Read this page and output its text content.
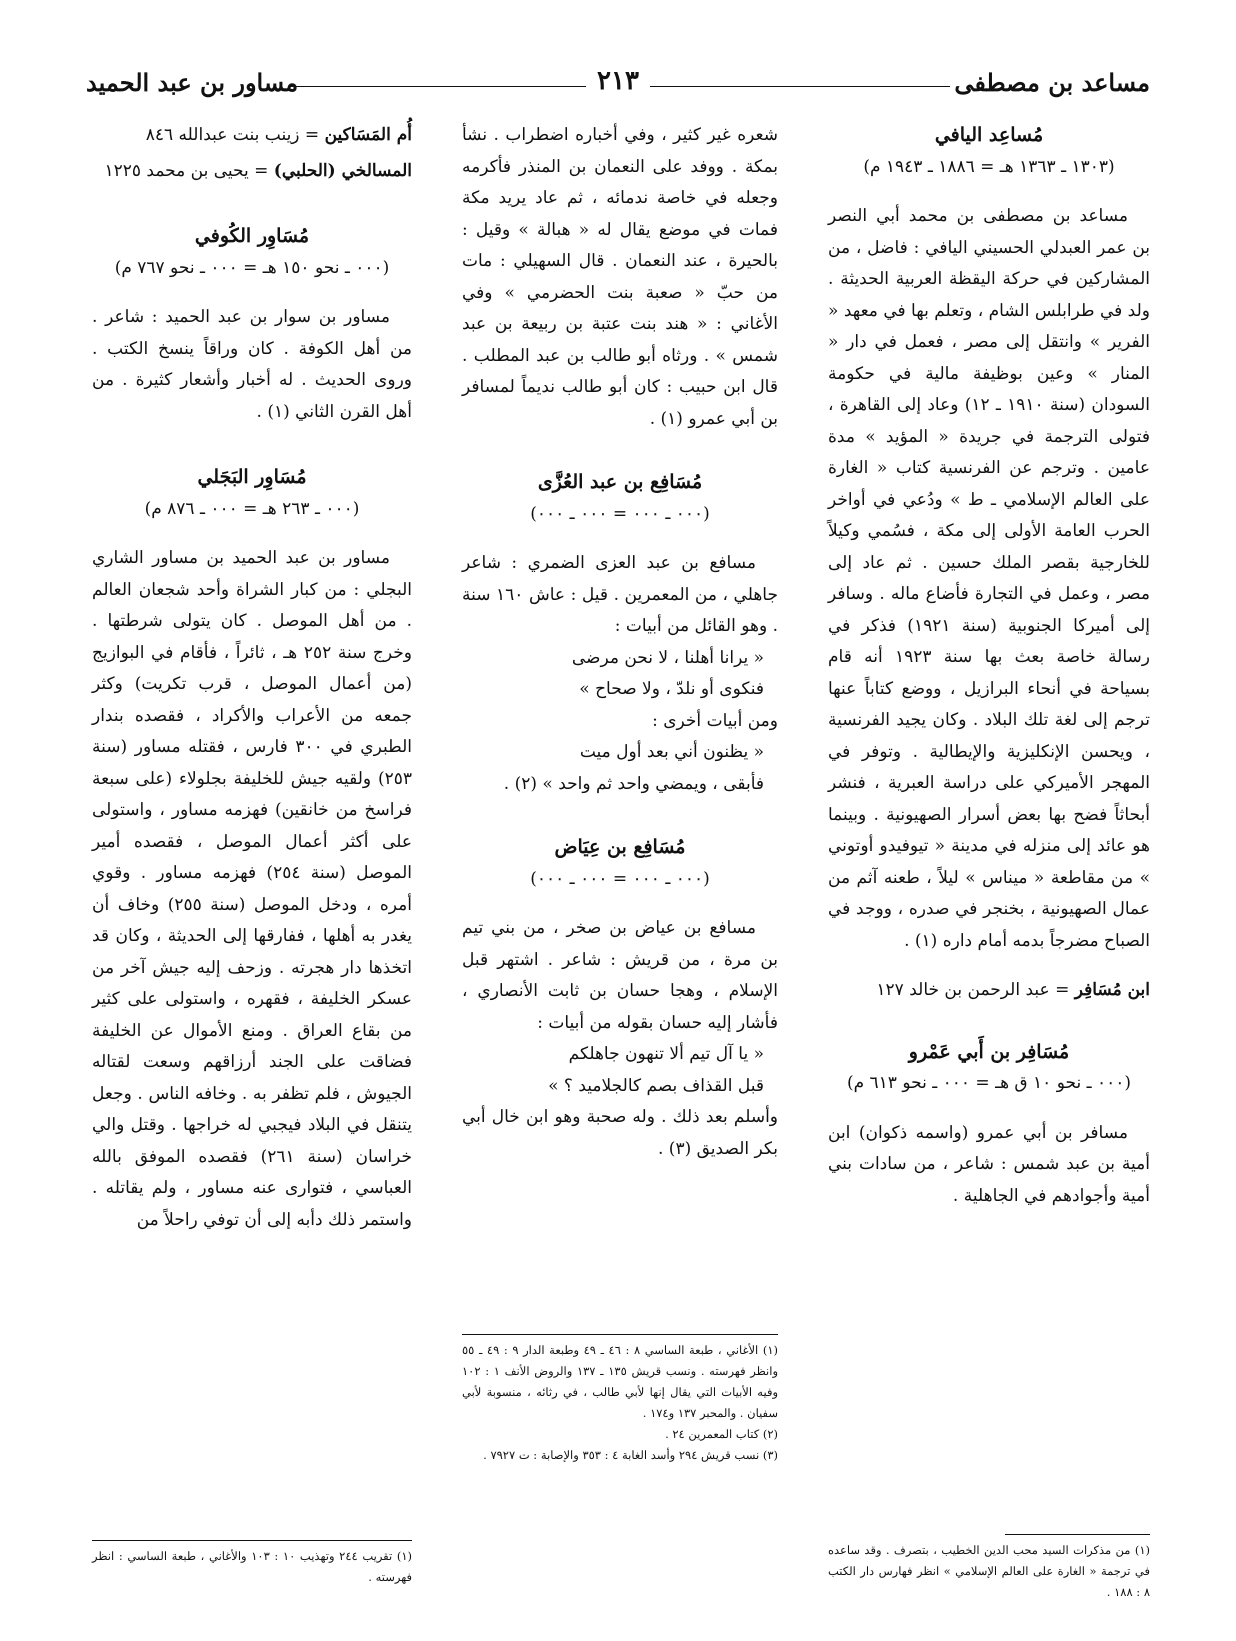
مساعد بن مصطفى
٢١٣
مساور بن عبد الحميد

مُساعِد اليافي

(١٣٠٣ ـ ١٣٦٣ هـ = ١٨٨٦ ـ ١٩٤٣ م)

مساعد بن مصطفى بن محمد أبي النصر بن عمر العبدلي الحسيني اليافي : فاضل ، من المشاركين في حركة اليقظة العربية الحديثة . ولد في طرابلس الشام ، وتعلم بها في معهد « الفرير » وانتقل إلى مصر ، فعمل في دار « المنار » وعين بوظيفة مالية في حكومة السودان (سنة ١٩١٠ ـ ١٢) وعاد إلى القاهرة ، فتولى الترجمة في جريدة « المؤيد » مدة عامين . وترجم عن الفرنسية كتاب « الغارة على العالم الإسلامي ـ ط » ودُعي في أواخر الحرب العامة الأولى إلى مكة ، فسُمي وكيلاً للخارجية بقصر الملك حسين . ثم عاد إلى مصر ، وعمل في التجارة فأضاع ماله . وسافر إلى أميركا الجنوبية (سنة ١٩٢١) فذكر في رسالة خاصة بعث بها سنة ١٩٢٣ أنه قام بسياحة في أنحاء البرازيل ، ووضع كتاباً عنها ترجم إلى لغة تلك البلاد . وكان يجيد الفرنسية ، ويحسن الإنكليزية والإيطالية . وتوفر في المهجر الأميركي على دراسة العبرية ، فنشر أبحاثاً فضح بها بعض أسرار الصهيونية . وبينما هو عائد إلى منزله في مدينة « تيوفيدو أوتوني » من مقاطعة « ميناس » ليلاً ، طعنه آثم من عمال الصهيونية ، بخنجر في صدره ، ووجد في الصباح مضرجاً بدمه أمام داره (١) .

ابن مُسَافِر = عبد الرحمن بن خالد ١٢٧

مُسَافِر بن أَبي عَمْرو

(٠٠٠ ـ نحو ١٠ ق هـ = ٠٠٠ ـ نحو ٦١٣ م)

مسافر بن أبي عمرو (واسمه ذكوان) ابن أمية بن عبد شمس : شاعر ، من سادات بني أمية وأجوادهم في الجاهلية .

(١) من مذكرات السيد محب الدين الخطيب ، بتصرف . وقد ساعده في ترجمة « الغارة على العالم الإسلامي » انظر فهارس دار الكتب ٨ : ١٨٨ .

شعره غير كثير ، وفي أخباره اضطراب . نشأ بمكة . ووفد على النعمان بن المنذر فأكرمه وجعله في خاصة ندمائه ، ثم عاد يريد مكة فمات في موضع يقال له « هبالة » وقيل : بالحيرة ، عند النعمان . قال السهيلي : مات من حبّ « صعبة بنت الحضرمي » وفي الأغاني : « هند بنت عتبة بن ربيعة بن عبد شمس » . ورثاه أبو طالب بن عبد المطلب . قال ابن حبيب : كان أبو طالب نديماً لمسافر بن أبي عمرو (١) .

مُسَافِع بن عبد العُزَّى

(٠٠٠ ـ ٠٠٠ = ٠٠٠ ـ ٠٠٠)

مسافع بن عبد العزى الضمري : شاعر جاهلي ، من المعمرين . قيل : عاش ١٦٠ سنة . وهو القائل من أبيات :

« يرانا أهلنا ، لا نحن مرضى

فنكوى أو نلدّ ، ولا صحاح »

ومن أبيات أخرى :

« يظنون أني بعد أول ميت

فأبقى ، ويمضي واحد ثم واحد » (٢) .

مُسَافِع بن عِيَاض

(٠٠٠ ـ ٠٠٠ = ٠٠٠ ـ ٠٠٠)

مسافع بن عياض بن صخر ، من بني تيم بن مرة ، من قريش : شاعر . اشتهر قبل الإسلام ، وهجا حسان بن ثابت الأنصاري ، فأشار إليه حسان بقوله من أبيات :

« يا آل تيم ألا تنهون جاهلكم

قبل القذاف بصم كالجلاميد ؟ »

وأسلم بعد ذلك . وله صحبة وهو ابن خال أبي بكر الصديق (٣) .

(١) الأغاني ، طبعة الساسي ٨ : ٤٦ ـ ٤٩ وطبعة الدار ٩ : ٤٩ ـ ٥٥ وانظر فهرسته . ونسب قريش ١٣٥ ـ ١٣٧ والروض الأنف ١ : ١٠٢ وفيه الأبيات التي يقال إنها لأبي طالب ، في رثائه ، منسوبة لأبي سفيان . والمحبر ١٣٧ و١٧٤ .
(٢) كتاب المعمرين ٢٤ .
(٣) نسب قريش ٢٩٤ وأسد الغابة ٤ : ٣٥٣ والإصابة : ت ٧٩٢٧ .

أُم المَسَاكين = زينب بنت عبدالله ٨٤٦

المسالخي (الحلبي) = يحيى بن محمد ١٢٢٥

مُسَاوِر الكُوفي

(٠٠٠ ـ نحو ١٥٠ هـ = ٠٠٠ ـ نحو ٧٦٧ م)

مساور بن سوار بن عبد الحميد : شاعر . من أهل الكوفة . كان وراقاً ينسخ الكتب . وروى الحديث . له أخبار وأشعار كثيرة . من أهل القرن الثاني (١) .

مُسَاوِر البَجَلي

(٠٠٠ ـ ٢٦٣ هـ = ٠٠٠ ـ ٨٧٦ م)

مساور بن عبد الحميد بن مساور الشاري البجلي : من كبار الشراة وأحد شجعان العالم . من أهل الموصل . كان يتولى شرطتها . وخرج سنة ٢٥٢ هـ ، ثائراً ، فأقام في البوازيج (من أعمال الموصل ، قرب تكريت) وكثر جمعه من الأعراب والأكراد ، فقصده بندار الطبري في ٣٠٠ فارس ، فقتله مساور (سنة ٢٥٣) ولقيه جيش للخليفة بجلولاء (على سبعة فراسخ من خانقين) فهزمه مساور ، واستولى على أكثر أعمال الموصل ، فقصده أمير الموصل (سنة ٢٥٤) فهزمه مساور . وقوي أمره ، ودخل الموصل (سنة ٢٥٥) وخاف أن يغدر به أهلها ، ففارقها إلى الحديثة ، وكان قد اتخذها دار هجرته . وزحف إليه جيش آخر من عسكر الخليفة ، فقهره ، واستولى على كثير من بقاع العراق . ومنع الأموال عن الخليفة فضاقت على الجند أرزاقهم وسعت لقتاله الجيوش ، فلم تظفر به . وخافه الناس . وجعل يتنقل في البلاد فيجبي له خراجها . وقتل والي خراسان (سنة ٢٦١) فقصده الموفق بالله العباسي ، فتوارى عنه مساور ، ولم يقاتله . واستمر ذلك دأبه إلى أن توفي راحلاً من

(١) تقريب ٢٤٤ وتهذيب ١٠ : ١٠٣ والأغاني ، طبعة الساسي : انظر فهرسته .
